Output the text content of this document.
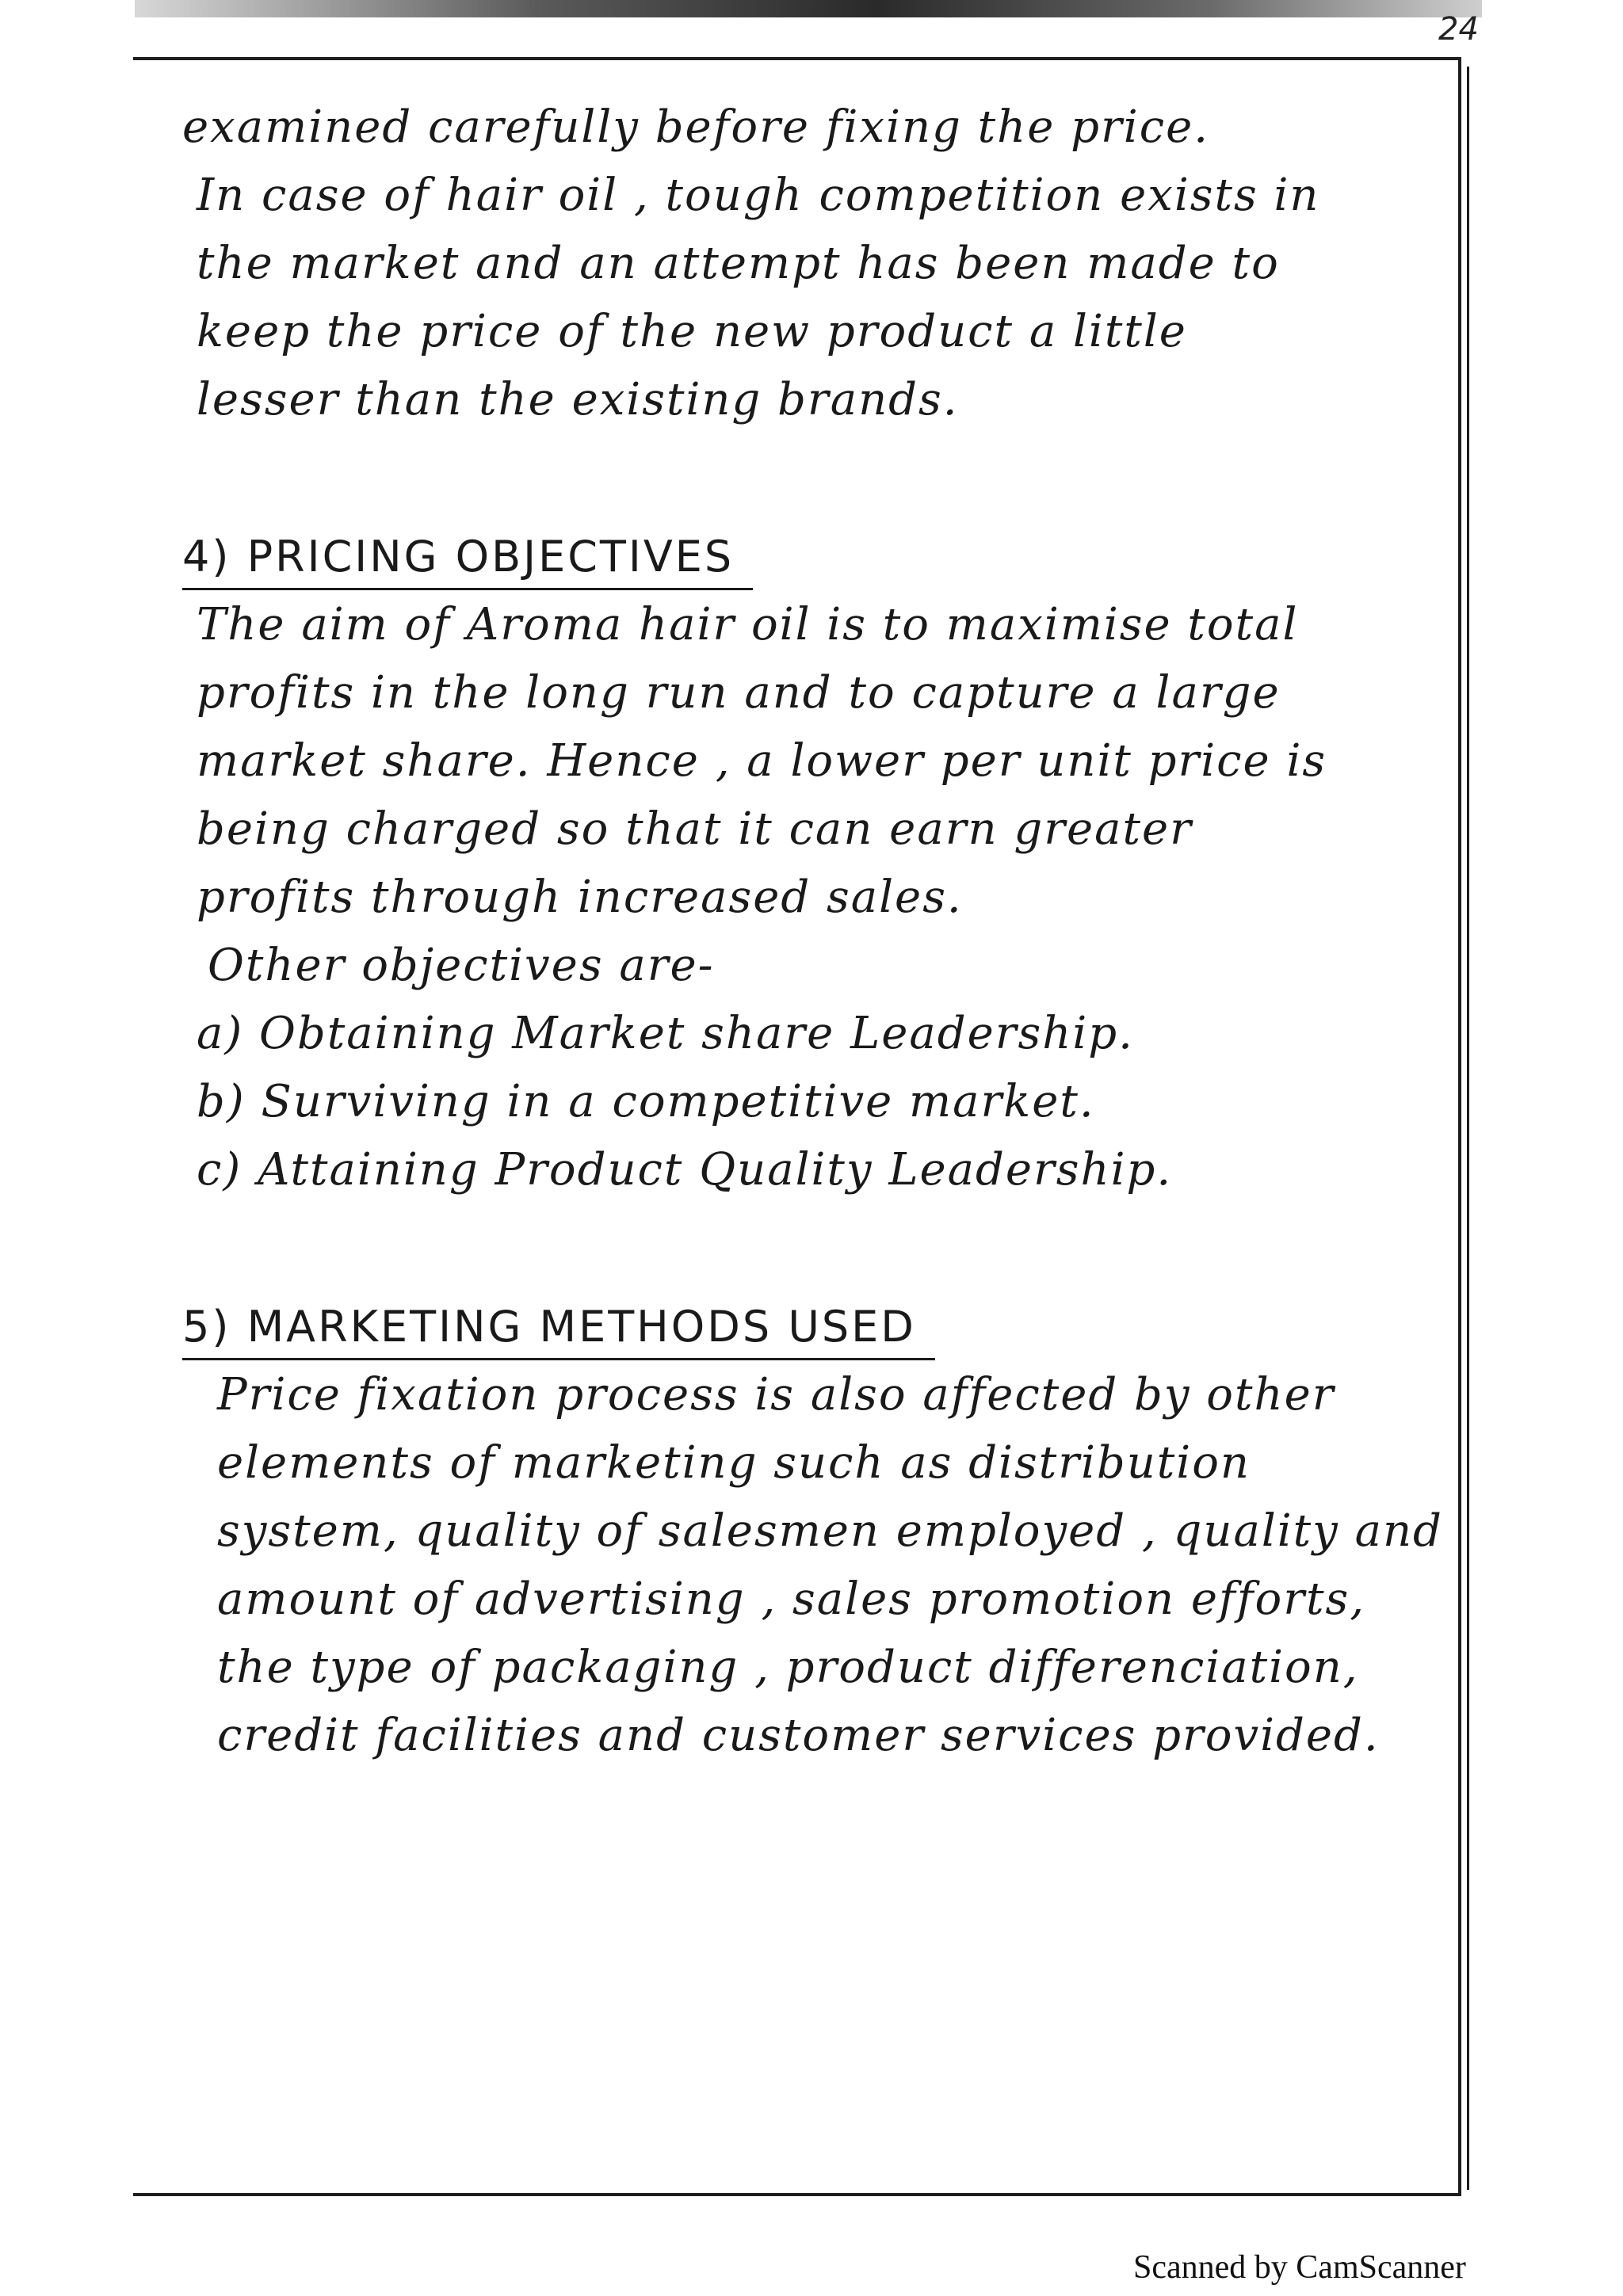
24
examined carefully before fixing the price.
In case of hair oil , tough competition exists in
the market and an attempt has been made to
keep the price of the new product a little
lesser than the existing brands.
4) PRICING OBJECTIVES
The aim of Aroma hair oil is to maximise total
profits in the long run and to capture a large
market share. Hence , a lower per unit price is
being charged so that it can earn greater
profits through increased sales.
Other objectives are-
a) Obtaining Market share Leadership.
b) Surviving in a competitive market.
c) Attaining Product Quality Leadership.
5) MARKETING METHODS USED
Price fixation process is also affected by other
elements of marketing such as distribution
system, quality of salesmen employed , quality and
amount of advertising , sales promotion efforts,
the type of packaging , product differenciation,
credit facilities and customer services provided.
Scanned by CamScanner
